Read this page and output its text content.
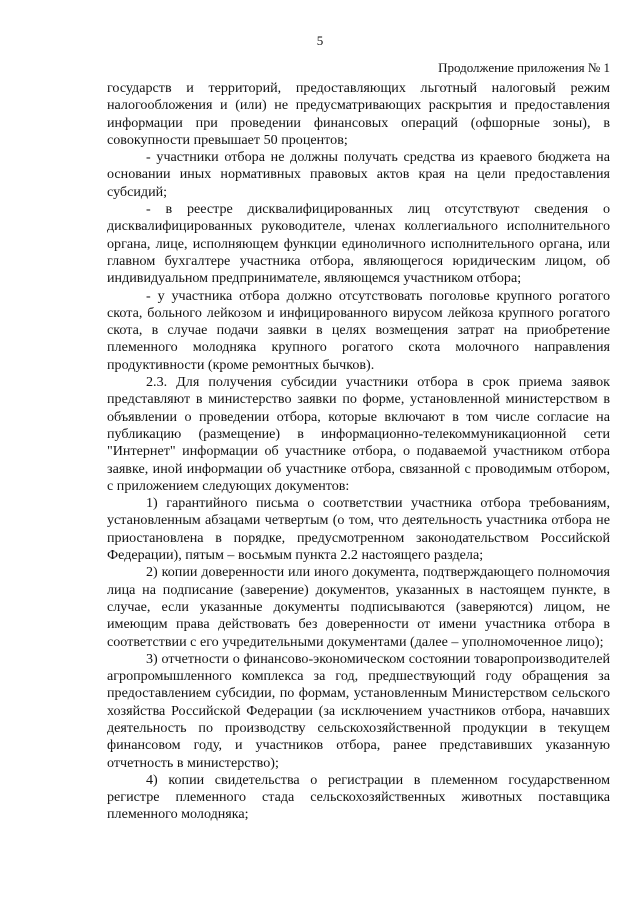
5
Продолжение приложения № 1

государств и территорий, предоставляющих льготный налоговый режим налогообложения и (или) не предусматривающих раскрытия и предоставления информации при проведении финансовых операций (офшорные зоны), в совокупности превышает 50 процентов;

- участники отбора не должны получать средства из краевого бюджета на основании иных нормативных правовых актов края на цели предоставления субсидий;

- в реестре дисквалифицированных лиц отсутствуют сведения о дисквалифицированных руководителе, членах коллегиального исполнительного органа, лице, исполняющем функции единоличного исполнительного органа, или главном бухгалтере участника отбора, являющегося юридическим лицом, об индивидуальном предпринимателе, являющемся участником отбора;

- у участника отбора должно отсутствовать поголовье крупного рогатого скота, больного лейкозом и инфицированного вирусом лейкоза крупного рогатого скота, в случае подачи заявки в целях возмещения затрат на приобретение племенного молодняка крупного рогатого скота молочного направления продуктивности (кроме ремонтных бычков).

2.3. Для получения субсидии участники отбора в срок приема заявок представляют в министерство заявки по форме, установленной министерством в объявлении о проведении отбора, которые включают в том числе согласие на публикацию (размещение) в информационно-телекоммуникационной сети "Интернет" информации об участнике отбора, о подаваемой участником отбора заявке, иной информации об участнике отбора, связанной с проводимым отбором, с приложением следующих документов:

1) гарантийного письма о соответствии участника отбора требованиям, установленным абзацами четвертым (о том, что деятельность участника отбора не приостановлена в порядке, предусмотренном законодательством Российской Федерации), пятым – восьмым пункта 2.2 настоящего раздела;

2) копии доверенности или иного документа, подтверждающего полномочия лица на подписание (заверение) документов, указанных в настоящем пункте, в случае, если указанные документы подписываются (заверяются) лицом, не имеющим права действовать без доверенности от имени участника отбора в соответствии с его учредительными документами (далее – уполномоченное лицо);

3) отчетности о финансово-экономическом состоянии товаропроизводителей агропромышленного комплекса за год, предшествующий году обращения за предоставлением субсидии, по формам, установленным Министерством сельского хозяйства Российской Федерации (за исключением участников отбора, начавших деятельность по производству сельскохозяйственной продукции в текущем финансовом году, и участников отбора, ранее представивших указанную отчетность в министерство);

4) копии свидетельства о регистрации в племенном государственном регистре племенного стада сельскохозяйственных животных поставщика племенного молодняка;
